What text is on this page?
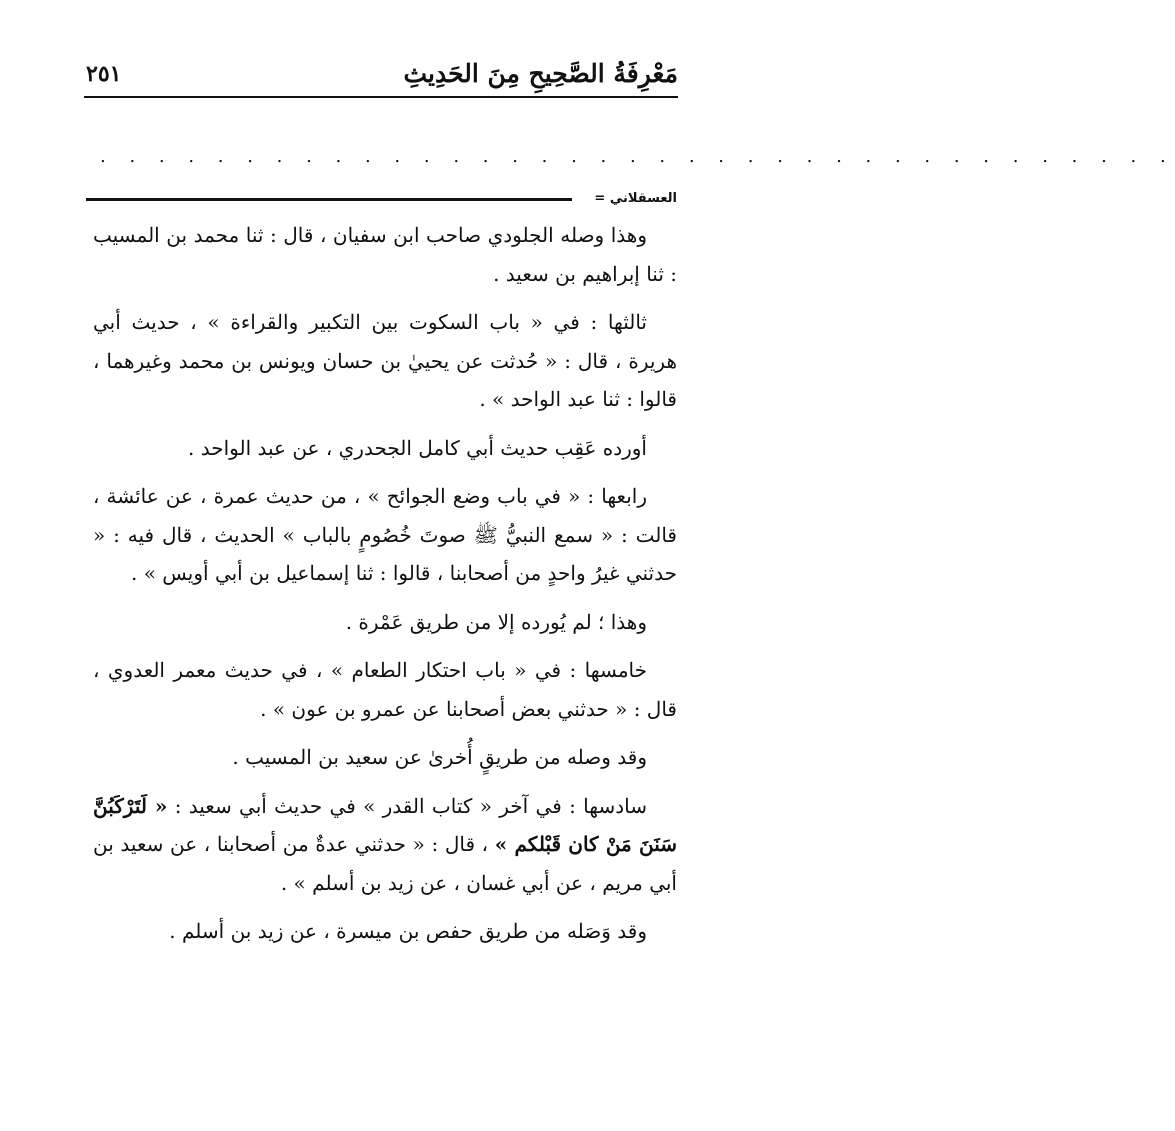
مَعْرِفَةُ الصَّحِيحِ مِنَ الحَدِيثِ
٢٥١
. . . . . . . . . . . . . . . . . . . . . . . . . . . . . . . . . . . . .
العسقلاني =

وهذا وصله الجلودي صاحب ابن سفيان ، قال : ثنا محمد بن المسيب : ثنا إبراهيم بن سعيد .

ثالثها : في « باب السكوت بين التكبير والقراءة » ، حديث أبي هريرة ، قال : « حُدثت عن يحييٰ بن حسان ويونس بن محمد وغيرهما ، قالوا : ثنا عبد الواحد » .

أورده عَقِب حديث أبي كامل الجحدري ، عن عبد الواحد .

رابعها : « في باب وضع الجوائح » ، من حديث عمرة ، عن عائشة ، قالت : « سمع النبيُّ ﷺ صوتَ خُصُومٍ بالباب » الحديث ، قال فيه : « حدثني غيرُ واحدٍ من أصحابنا ، قالوا : ثنا إسماعيل بن أبي أويس » .

وهذا ؛ لم يُورده إلا من طريق عَمْرة .

خامسها : في « باب احتكار الطعام » ، في حديث معمر العدوي ، قال : « حدثني بعض أصحابنا عن عمرو بن عون » .

وقد وصله من طريقٍ أُخرىٰ عن سعيد بن المسيب .

سادسها : في آخر « كتاب القدر » في حديث أبي سعيد : « لَتَرْكَبُنَّ سَنَنَ مَنْ كان قَبْلكم » ، قال : « حدثني عدةٌ من أصحابنا ، عن سعيد بن أبي مريم ، عن أبي غسان ، عن زيد بن أسلم » .

وقد وَصَله من طريق حفص بن ميسرة ، عن زيد بن أسلم .
